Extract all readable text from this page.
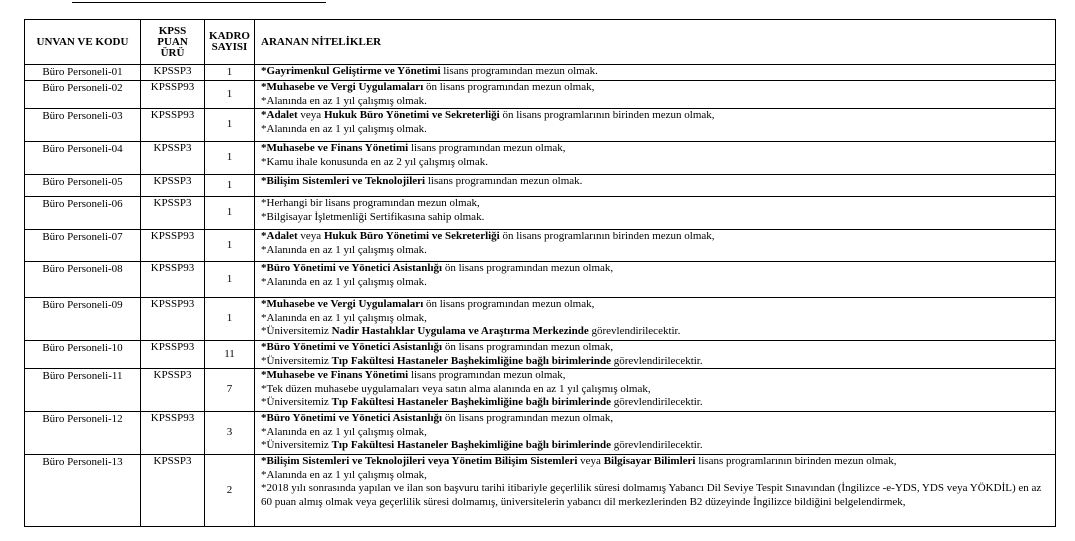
UNVAN VE KODU	KPSS PUAN ÜRÜ	KADRO SAYISI	ARANAN NİTELİKLER
Büro Personeli-01	KPSSP3	1	*Gayrimenkul Geliştirme ve Yönetimi lisans programından mezun olmak.

Büro Personeli-02	KPSSP93	1	*Muhasebe ve Vergi Uygulamaları ön lisans programından mezun olmak,
*Alanında en az 1 yıl çalışmış olmak.

Büro Personeli-03	KPSSP93	1	*Adalet veya Hukuk Büro Yönetimi ve Sekreterliği ön lisans programlarının birinden mezun olmak,
*Alanında en az 1 yıl çalışmış olmak.

Büro Personeli-04	KPSSP3	1	*Muhasebe ve Finans Yönetimi lisans programından mezun olmak,
*Kamu ihale konusunda en az 2 yıl çalışmış olmak.

Büro Personeli-05	KPSSP3	1	*Bilişim Sistemleri ve Teknolojileri lisans programından mezun olmak.

Büro Personeli-06	KPSSP3	1	*Herhangi bir lisans programından mezun olmak,
*Bilgisayar İşletmenliği Sertifikasına sahip olmak.

Büro Personeli-07	KPSSP93	1	*Adalet veya Hukuk Büro Yönetimi ve Sekreterliği ön lisans programlarının birinden mezun olmak,
*Alanında en az 1 yıl çalışmış olmak.

Büro Personeli-08	KPSSP93	1	*Büro Yönetimi ve Yönetici Asistanlığı ön lisans programından mezun olmak,
*Alanında en az 1 yıl çalışmış olmak.

Büro Personeli-09	KPSSP93	1	*Muhasebe ve Vergi Uygulamaları ön lisans programından mezun olmak,
*Alanında en az 1 yıl çalışmış olmak,
*Üniversitemiz Nadir Hastalıklar Uygulama ve Araştırma Merkezinde görevlendirilecektir.

Büro Personeli-10	KPSSP93	11	*Büro Yönetimi ve Yönetici Asistanlığı ön lisans programından mezun olmak,
*Üniversitemiz Tıp Fakültesi Hastaneler Başhekimliğine bağlı birimlerinde görevlendirilecektir.

Büro Personeli-11	KPSSP3	7	*Muhasebe ve Finans Yönetimi lisans programından mezun olmak,
*Tek düzen muhasebe uygulamaları veya satın alma alanında en az 1 yıl çalışmış olmak,
*Üniversitemiz Tıp Fakültesi Hastaneler Başhekimliğine bağlı birimlerinde görevlendirilecektir.

Büro Personeli-12	KPSSP93	3	*Büro Yönetimi ve Yönetici Asistanlığı ön lisans programından mezun olmak,
*Alanında en az 1 yıl çalışmış olmak,
*Üniversitemiz Tıp Fakültesi Hastaneler Başhekimliğine bağlı birimlerinde görevlendirilecektir.

Büro Personeli-13	KPSSP3	2	*Bilişim Sistemleri ve Teknolojileri veya Yönetim Bilişim Sistemleri veya Bilgisayar Bilimleri lisans programlarının birinden mezun olmak,
*Alanında en az 1 yıl çalışmış olmak,
*2018 yılı sonrasında yapılan ve ilan son başvuru tarihi itibariyle geçerlilik süresi dolmamış Yabancı Dil Seviye Tespit Sınavından (İngilizce -e-YDS, YDS veya YÖKDİL) en az 60 puan almış olmak veya geçerlilik süresi dolmamış, üniversitelerin yabancı dil merkezlerinden B2 düzeyinde İngilizce bildiğini belgelendirmek,
